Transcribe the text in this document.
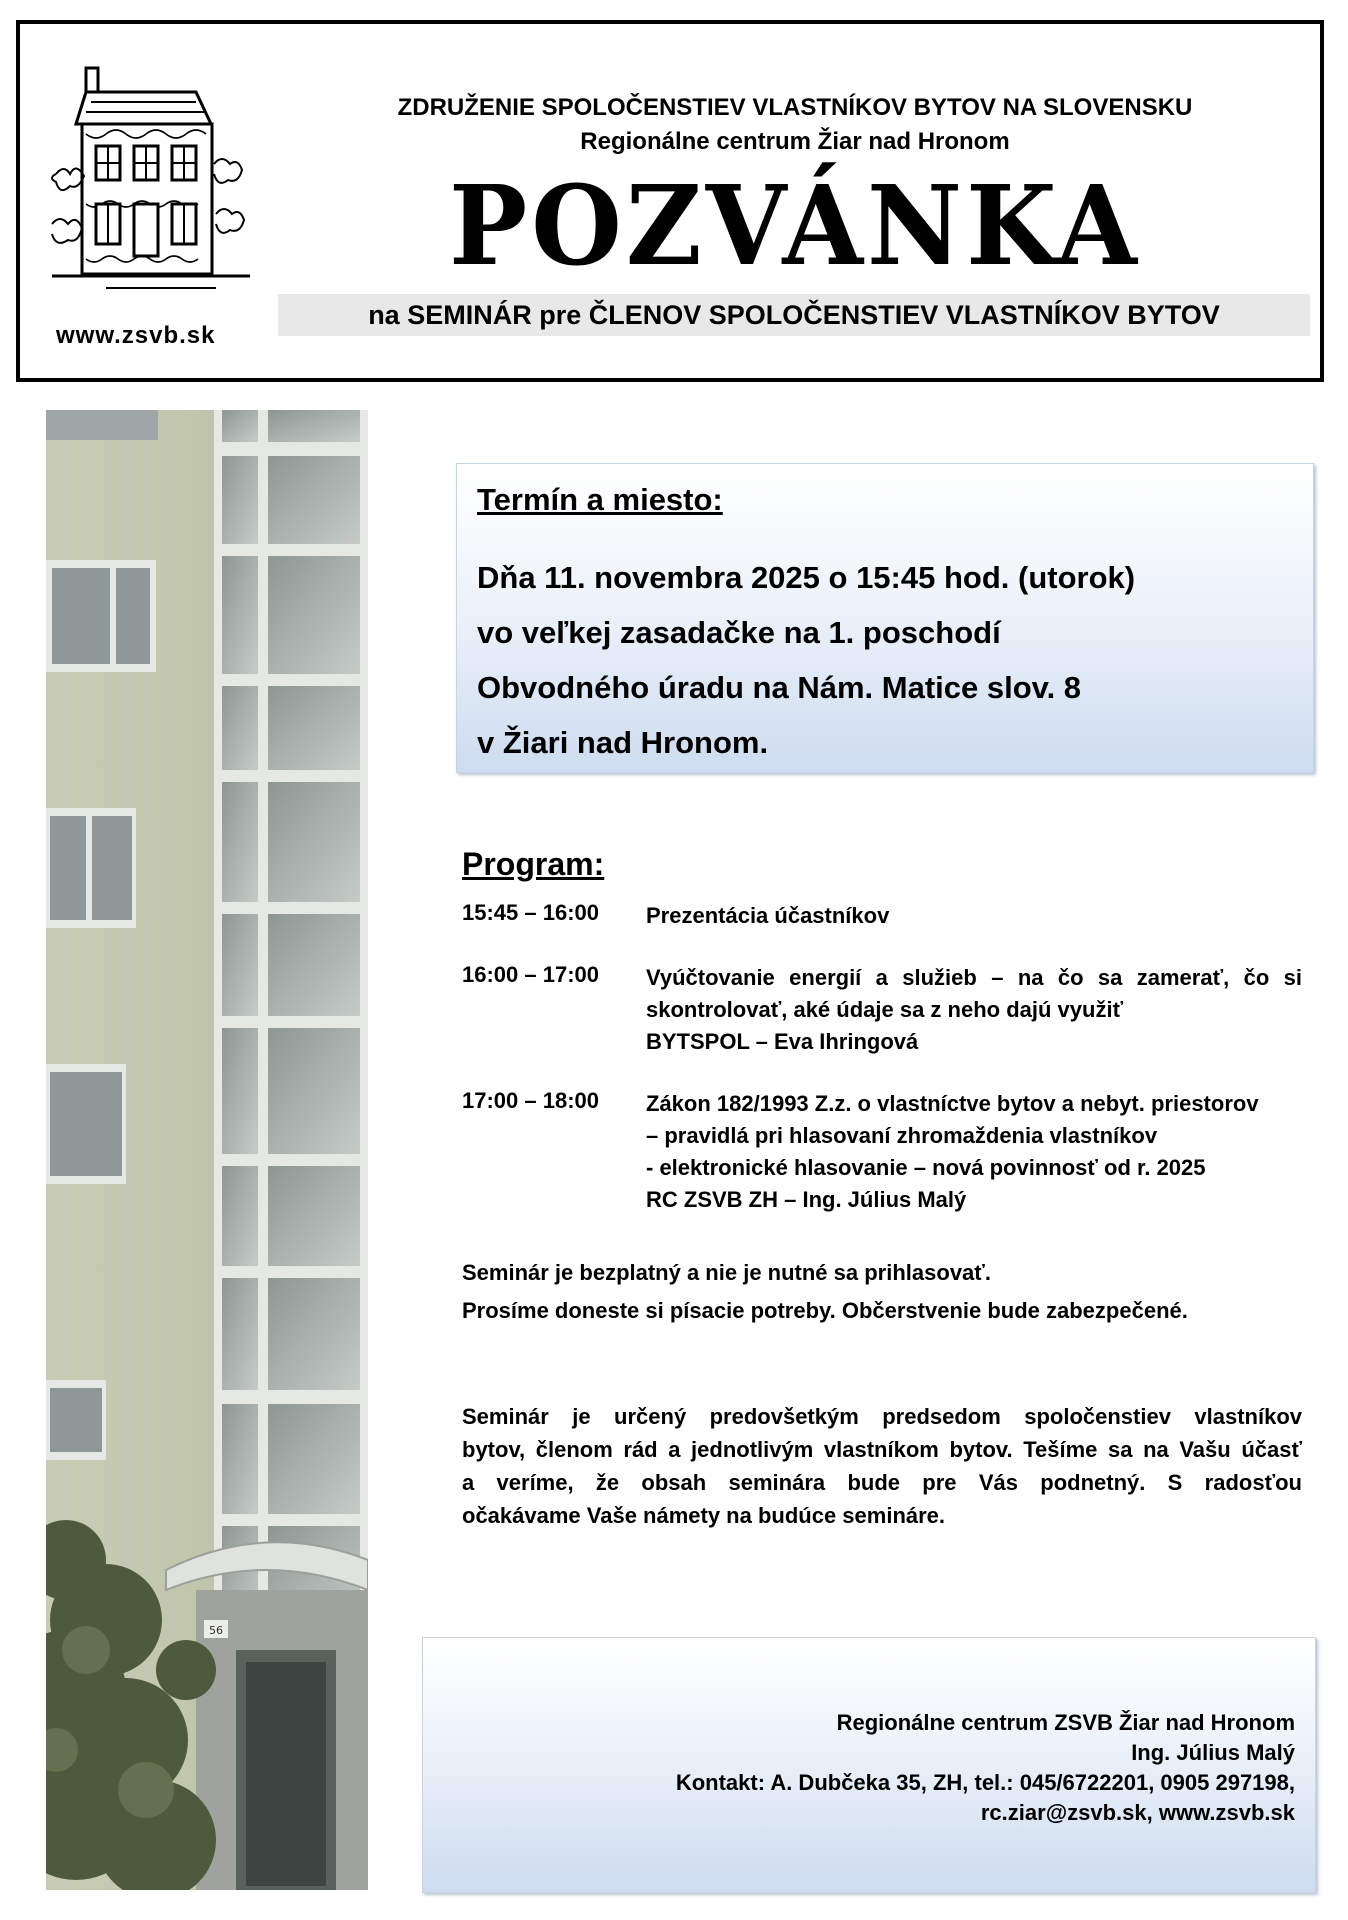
www.zsvb.sk
ZDRUŽENIE SPOLOČENSTIEV VLASTNÍKOV BYTOV NA SLOVENSKU
Regionálne centrum Žiar nad Hronom
POZVÁNKA
na SEMINÁR pre ČLENOV SPOLOČENSTIEV VLASTNÍKOV BYTOV
56
Termín a miesto:
Dňa 11. novembra 2025 o 15:45 hod. (utorok)
vo veľkej zasadačke na 1. poschodí
Obvodného úradu na Nám. Matice slov. 8
v Žiari nad Hronom.
Program:
15:45 – 16:00	Prezentácia účastníkov
16:00 – 17:00	Vyúčtovanie energií a služieb – na čo sa zamerať, čo si
skontrolovať, aké údaje sa z neho dajú využiť
BYTSPOL – Eva Ihringová
17:00 – 18:00	Zákon 182/1993 Z.z. o vlastníctve bytov a nebyt. priestorov
– pravidlá pri hlasovaní zhromaždenia vlastníkov
- elektronické hlasovanie – nová povinnosť od r. 2025
RC ZSVB ZH – Ing. Július Malý
Seminár je bezplatný a nie je nutné sa prihlasovať.
Prosíme doneste si písacie potreby. Občerstvenie bude zabezpečené.
Seminár je určený predovšetkým predsedom spoločenstiev vlastníkov
bytov, členom rád a jednotlivým vlastníkom bytov. Tešíme sa na Vašu účasť
a veríme, že obsah seminára bude pre Vás podnetný. S radosťou
očakávame Vaše námety na budúce semináre.
Regionálne centrum ZSVB Žiar nad Hronom
Ing. Július Malý
Kontakt: A. Dubčeka 35, ZH, tel.: 045/6722201, 0905 297198,
rc.ziar@zsvb.sk, www.zsvb.sk
